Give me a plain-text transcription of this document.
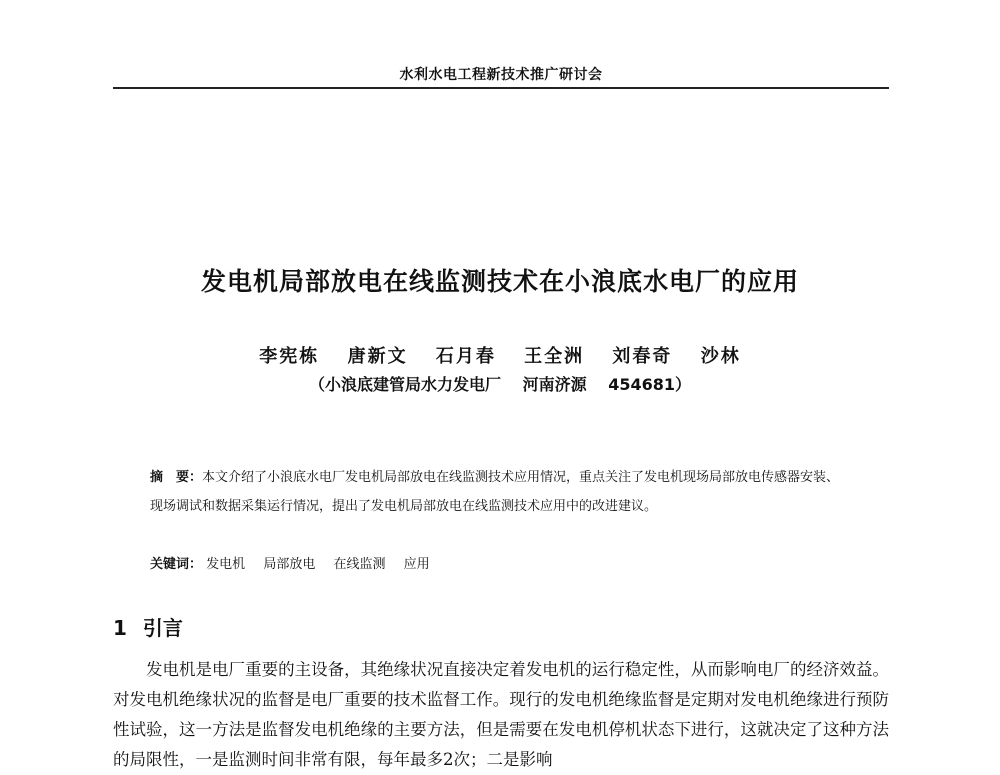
水利水电工程新技术推广研讨会
发电机局部放电在线监测技术在小浪底水电厂的应用
李宪栋 唐新文 石月春 王全洲 刘春奇 沙林
（小浪底建管局水力发电厂 河南济源 454681）
摘　要：本文介绍了小浪底水电厂发电机局部放电在线监测技术应用情况，重点关注了发电机现场局部放电传感器安装、现场调试和数据采集运行情况，提出了发电机局部放电在线监测技术应用中的改进建议。
关键词： 发电机 局部放电 在线监测 应用
1 引言

发电机是电厂重要的主设备，其绝缘状况直接决定着发电机的运行稳定性，从而影响电厂的经济效益。对发电机绝缘状况的监督是电厂重要的技术监督工作。现行的发电机绝缘监督是定期对发电机绝缘进行预防性试验，这一方法是监督发电机绝缘的主要方法，但是需要在发电机停机状态下进行，这就决定了这种方法的局限性，一是监测时间非常有限，每年最多2次；二是影响
